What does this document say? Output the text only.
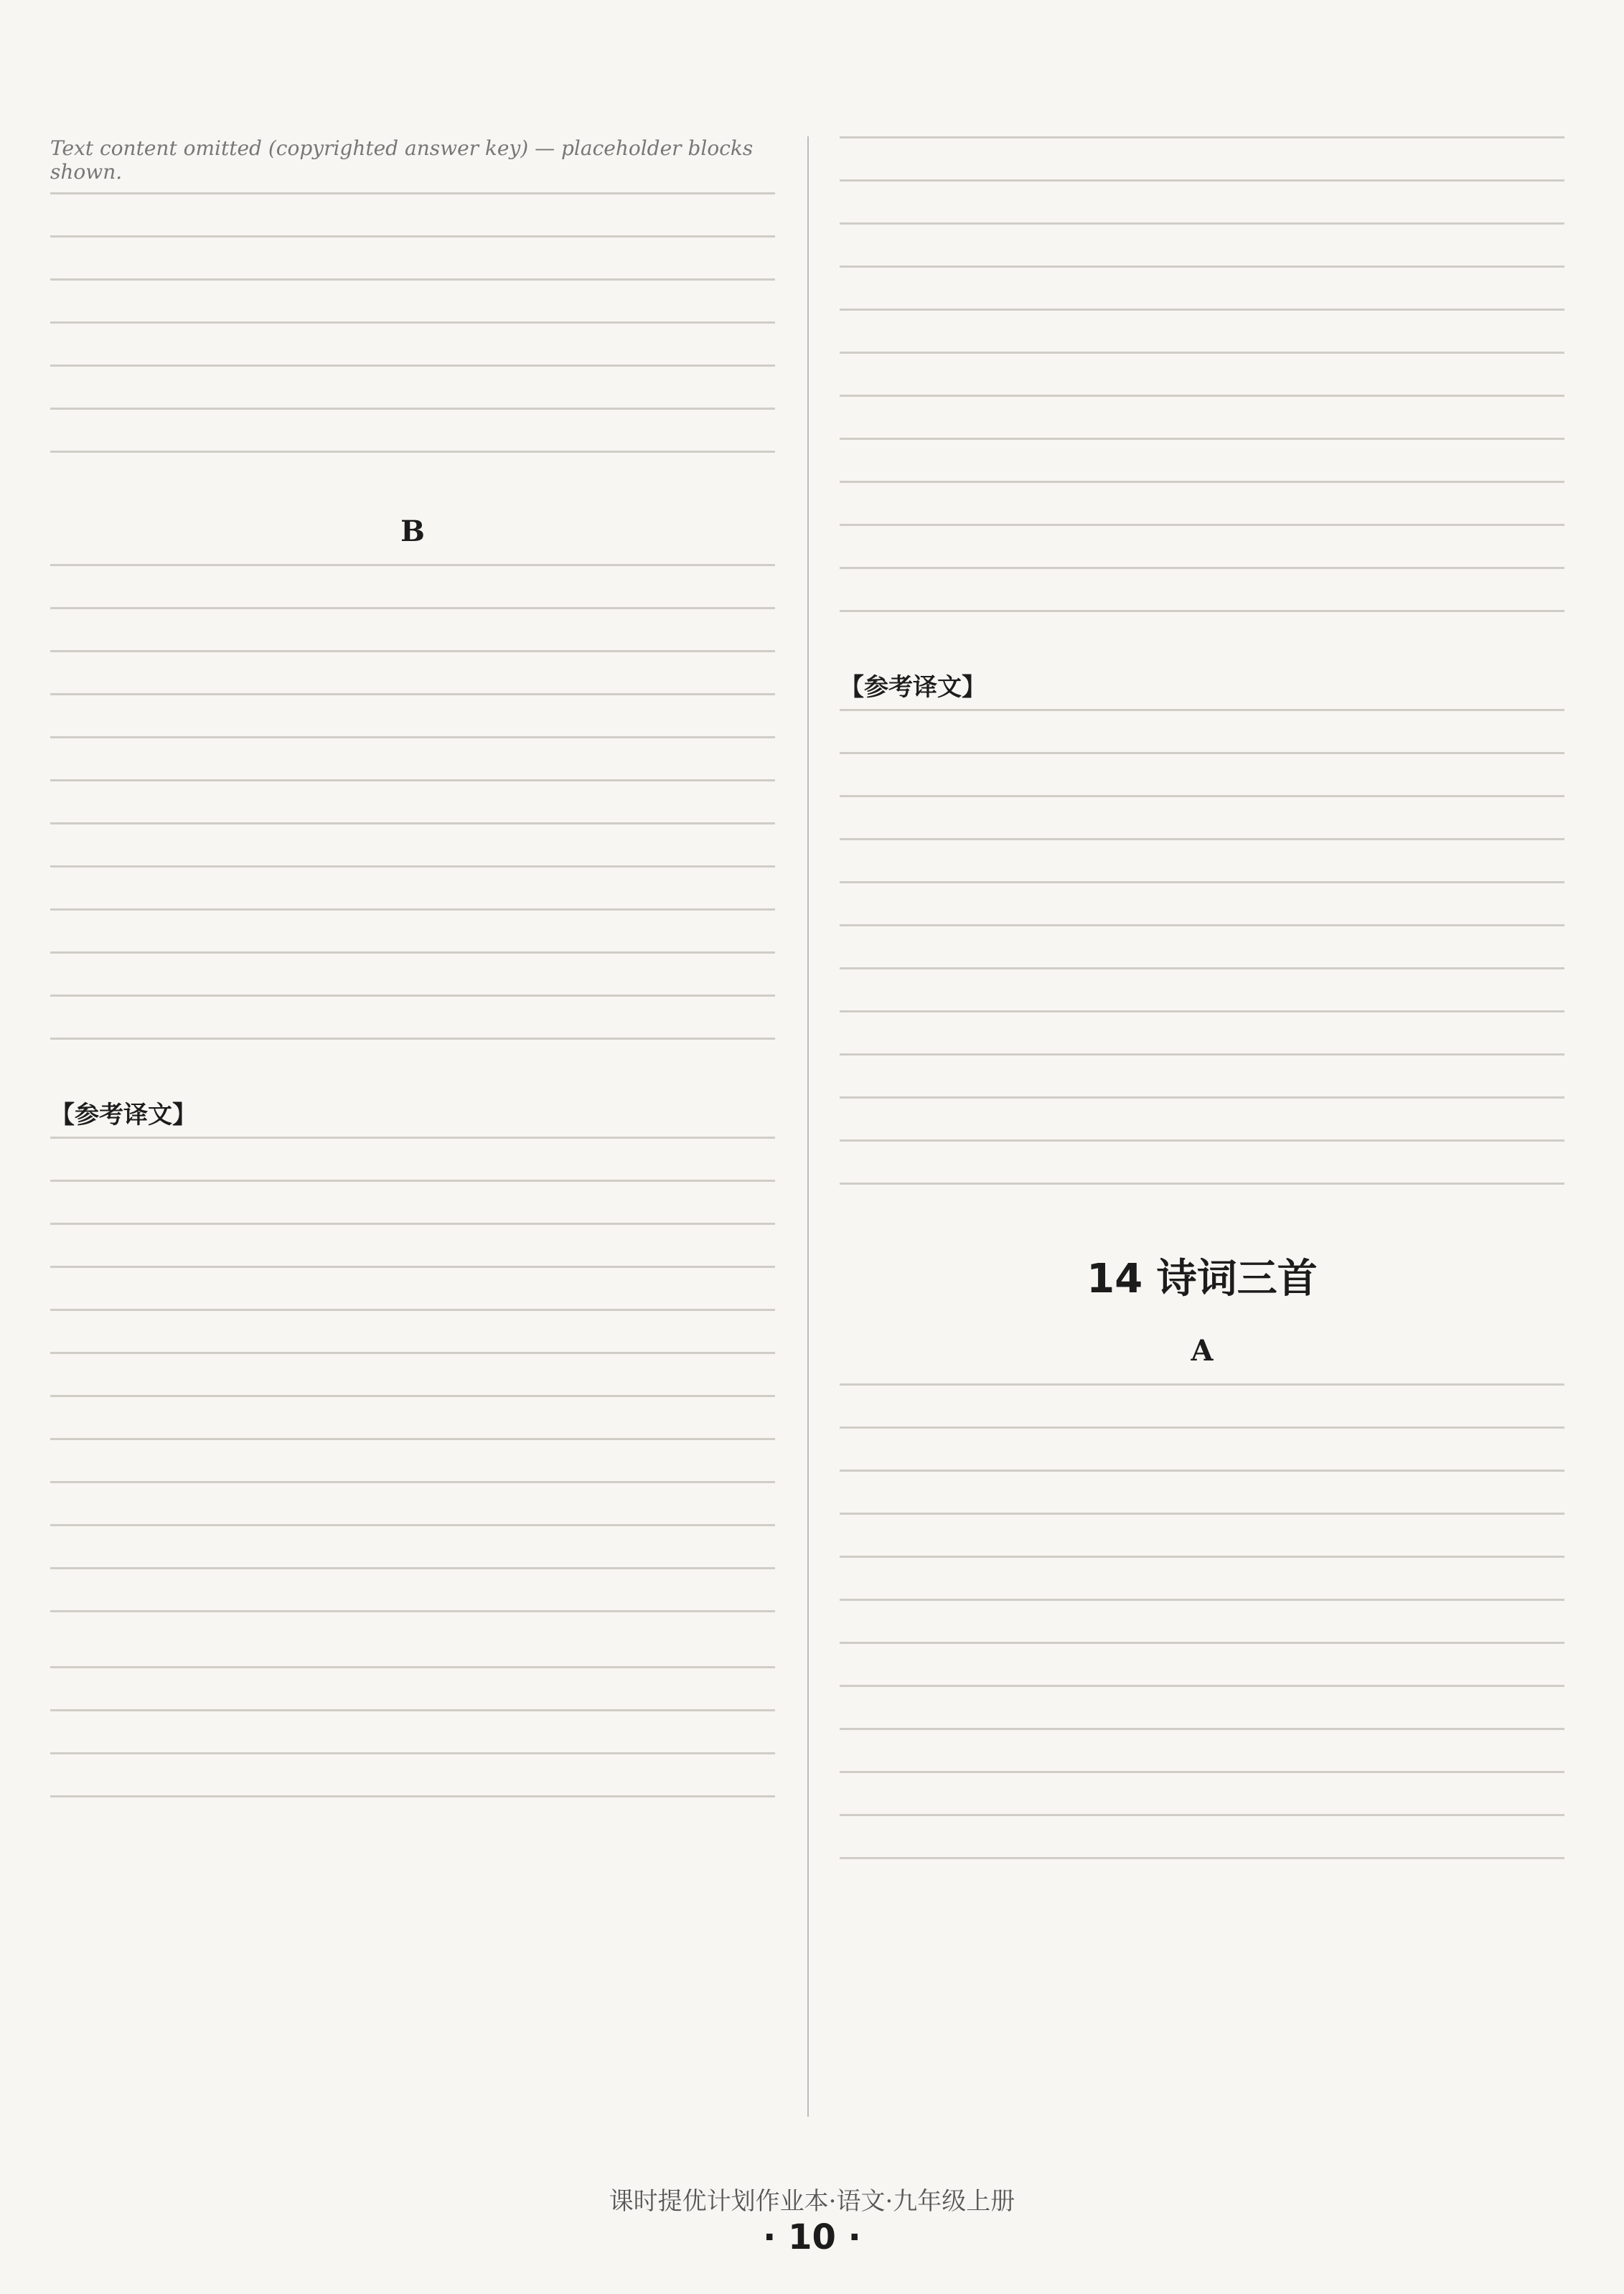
Text content omitted (copyrighted answer key) — placeholder blocks shown.
B
【参考译文】
【参考译文】
14 诗词三首
A
课时提优计划作业本·语文·九年级上册
· 10 ·
